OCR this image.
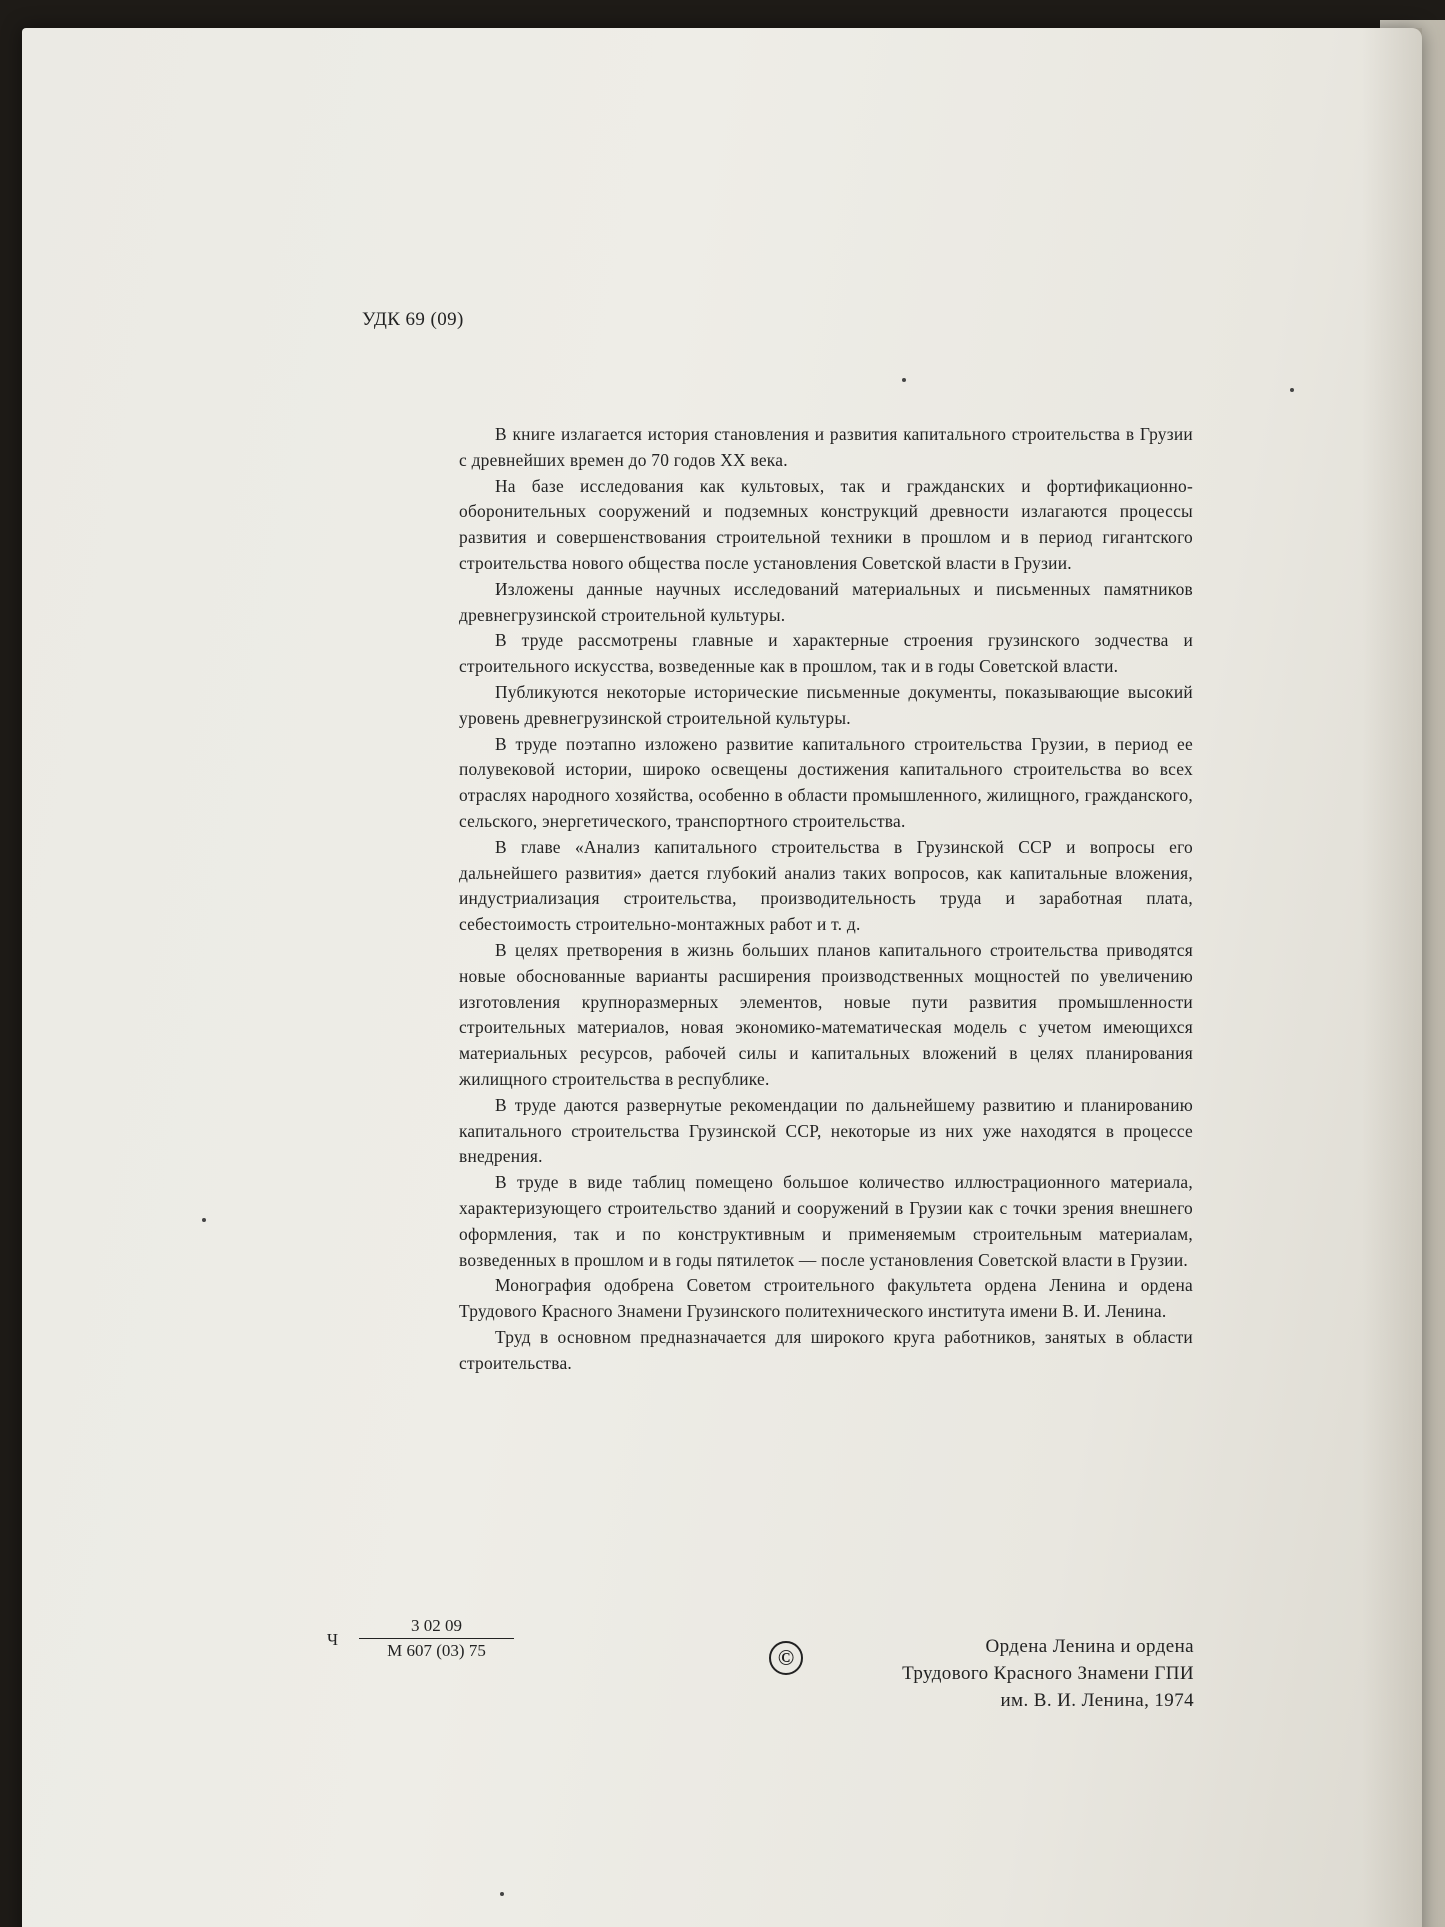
УДК 69 (09)

В книге излагается история становления и развития капитального строительства в Грузии с древнейших времен до 70 годов XX века.

На базе исследования как культовых, так и гражданских и фортификационно-оборонительных сооружений и подземных конструкций древности излагаются процессы развития и совершенствования строительной техники в прошлом и в период гигантского строительства нового общества после установления Советской власти в Грузии.

Изложены данные научных исследований материальных и письменных памятников древнегрузинской строительной культуры.

В труде рассмотрены главные и характерные строения грузинского зодчества и строительного искусства, возведенные как в прошлом, так и в годы Советской власти.

Публикуются некоторые исторические письменные документы, показывающие высокий уровень древнегрузинской строительной культуры.

В труде поэтапно изложено развитие капитального строительства Грузии, в период ее полувековой истории, широко освещены достижения капитального строительства во всех отраслях народного хозяйства, особенно в области промышленного, жилищного, гражданского, сельского, энергетического, транспортного строительства.

В главе «Анализ капитального строительства в Грузинской ССР и вопросы его дальнейшего развития» дается глубокий анализ таких вопросов, как капитальные вложения, индустриализация строительства, производительность труда и заработная плата, себестоимость строительно-монтажных работ и т. д.

В целях претворения в жизнь больших планов капитального строительства приводятся новые обоснованные варианты расширения производственных мощностей по увеличению изготовления крупноразмерных элементов, новые пути развития промышленности строительных материалов, новая экономико-математическая модель с учетом имеющихся материальных ресурсов, рабочей силы и капитальных вложений в целях планирования жилищного строительства в республике.

В труде даются развернутые рекомендации по дальнейшему развитию и планированию капитального строительства Грузинской ССР, некоторые из них уже находятся в процессе внедрения.

В труде в виде таблиц помещено большое количество иллюстрационного материала, характеризующего строительство зданий и сооружений в Грузии как с точки зрения внешнего оформления, так и по конструктивным и применяемым строительным материалам, возведенных в прошлом и в годы пятилеток — после установления Советской власти в Грузии.

Монография одобрена Советом строительного факультета ордена Ленина и ордена Трудового Красного Знамени Грузинского политехнического института имени В. И. Ленина.

Труд в основном предназначается для широкого круга работников, занятых в области строительства.

Ч
3 02 09
М 607 (03) 75	©	Ордена Ленина и ордена
Трудового Красного Знамени ГПИ
им. В. И. Ленина, 1974
